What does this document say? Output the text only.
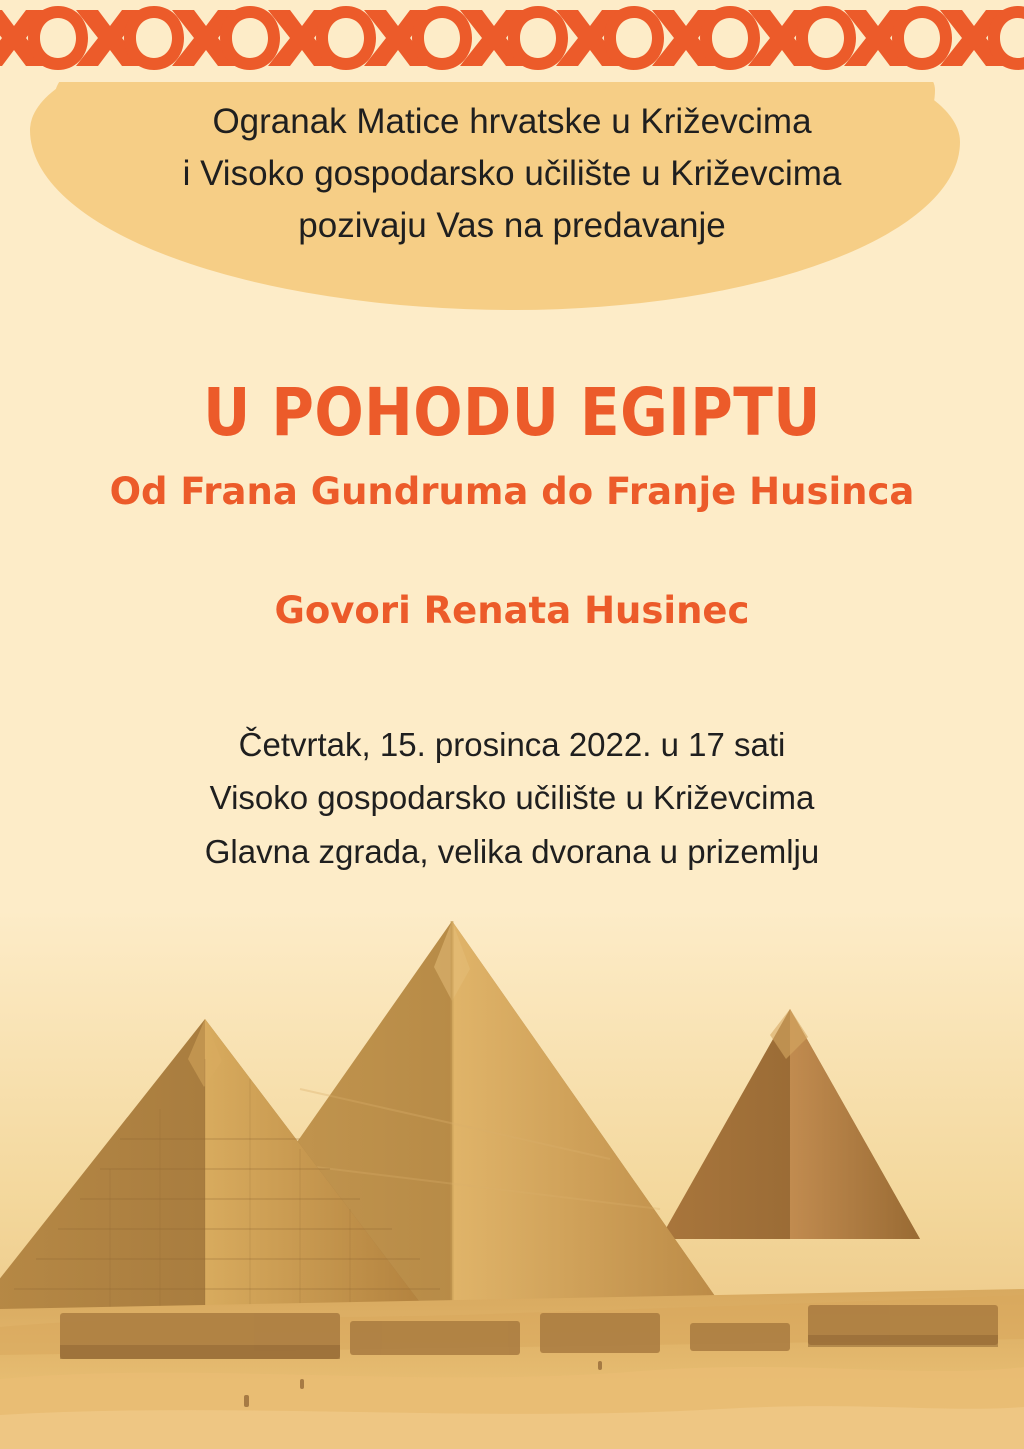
Ogranak Matice hrvatske u Križevcima
i Visoko gospodarsko učilište u Križevcima
pozivaju Vas na predavanje
U POHODU EGIPTU

Od Frana Gundruma do Franje Husinca

Govori Renata Husinec

Četvrtak, 15. prosinca 2022. u 17 sati
Visoko gospodarsko učilište u Križevcima
Glavna zgrada, velika dvorana u prizemlju
